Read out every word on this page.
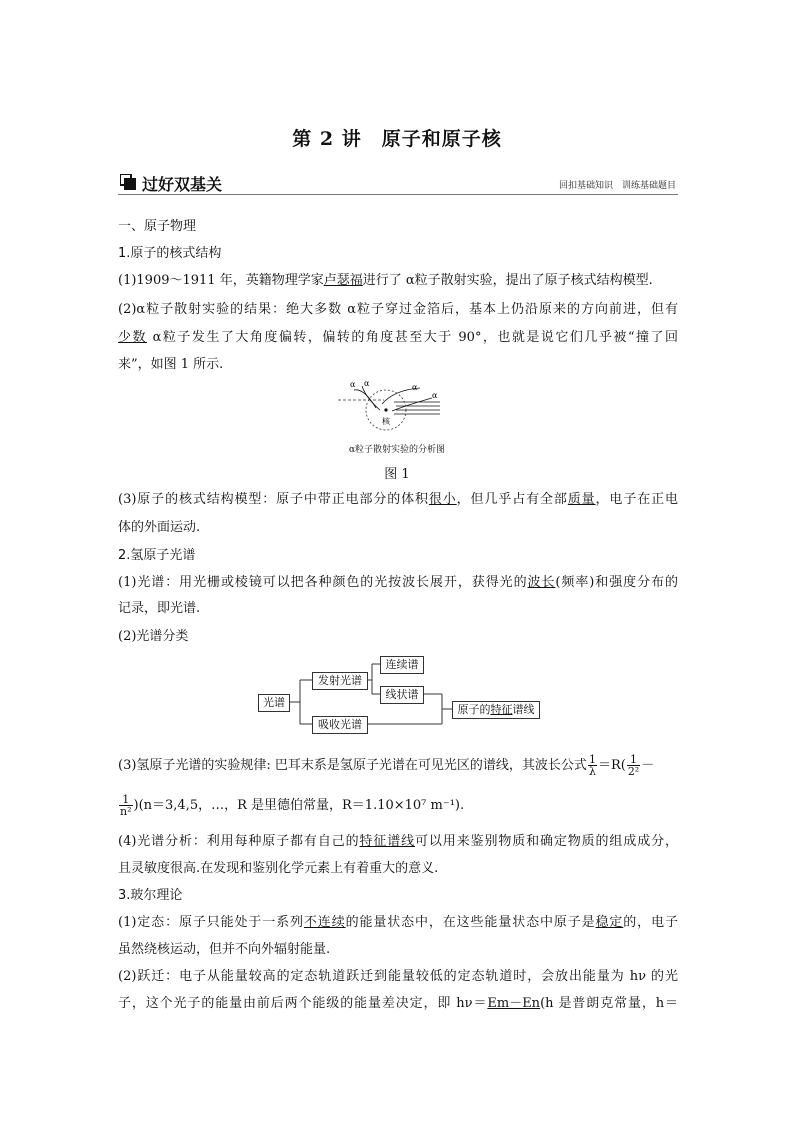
第 2 讲　原子和原子核
过好双基关	回扣基础知识　训练基础题目
一、原子物理
1.原子的核式结构
(1)1909～1911 年，英籍物理学家卢瑟福进行了 α粒子散射实验，提出了原子核式结构模型.
(2)α粒子散射实验的结果：绝大多数 α粒子穿过金箔后，基本上仍沿原来的方向前进，但有
少数 α粒子发生了大角度偏转，偏转的角度甚至大于 90°，也就是说它们几乎被“撞了回
来”，如图 1 所示.
α α	α
α
核
α粒子散射实验的分析图
图 1
(3)原子的核式结构模型：原子中带正电部分的体积很小，但几乎占有全部质量，电子在正电
体的外面运动.
2.氢原子光谱
(1)光谱：用光栅或棱镜可以把各种颜色的光按波长展开，获得光的波长(频率)和强度分布的
记录，即光谱.
(2)光谱分类
光谱
发射光谱
吸收光谱
连续谱
线状谱
原子的特征谱线
(3)氢原子光谱的实验规律: 巴耳末系是氢原子光谱在可见光区的谱线，其波长公式 $\frac{1}{\lambda} =R( \frac{1}{\text{2²}}$ －
$\frac{1}{\text{n²}} )(n=3,4,5$，…，R 是里德伯常量，R＝1.10×10⁷ m⁻¹).
(4)光谱分析：利用每种原子都有自己的特征谱线可以用来鉴别物质和确定物质的组成成分，
且灵敏度很高.在发现和鉴别化学元素上有着重大的意义.
3.玻尔理论
(1)定态：原子只能处于一系列不连续的能量状态中，在这些能量状态中原子是稳定的，电子
虽然绕核运动，但并不向外辐射能量.
(2)跃迁：电子从能量较高的定态轨道跃迁到能量较低的定态轨道时，会放出能量为 hν 的光
子，这个光子的能量由前后两个能级的能量差决定，即 hν＝Em－En(h 是普朗克常量，h＝
